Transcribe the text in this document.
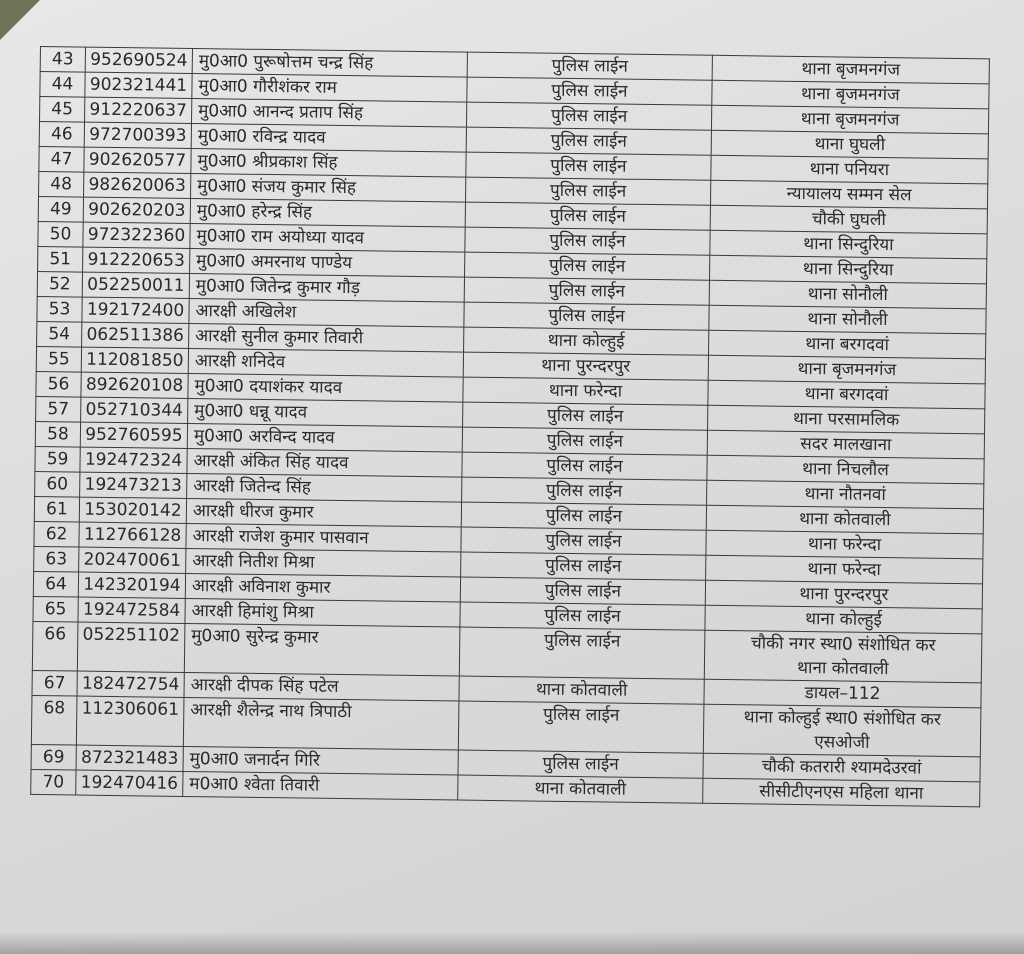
43	952690524	मु0आ0 पुरूषोत्तम चन्द्र सिंह	पुलिस लाईन	थाना बृजमनगंज

44	902321441	मु0आ0 गौरीशंकर राम	पुलिस लाईन	थाना बृजमनगंज

45	912220637	मु0आ0 आनन्द प्रताप सिंह	पुलिस लाईन	थाना बृजमनगंज

46	972700393	मु0आ0 रविन्द्र यादव	पुलिस लाईन	थाना घुघली

47	902620577	मु0आ0 श्रीप्रकाश सिंह	पुलिस लाईन	थाना पनियरा

48	982620063	मु0आ0 संजय कुमार सिंह	पुलिस लाईन	न्यायालय सम्मन सेल

49	902620203	मु0आ0 हरेन्द्र सिंह	पुलिस लाईन	चौकी घुघली

50	972322360	मु0आ0 राम अयोध्या यादव	पुलिस लाईन	थाना सिन्दुरिया

51	912220653	मु0आ0 अमरनाथ पाण्डेय	पुलिस लाईन	थाना सिन्दुरिया

52	052250011	मु0आ0 जितेन्द्र कुमार गौड़	पुलिस लाईन	थाना सोनौली

53	192172400	आरक्षी अखिलेश	पुलिस लाईन	थाना सोनौली

54	062511386	आरक्षी सुनील कुमार तिवारी	थाना कोल्हुई	थाना बरगदवां

55	112081850	आरक्षी शनिदेव	थाना पुरन्दरपुर	थाना बृजमनगंज

56	892620108	मु0आ0 दयाशंकर यादव	थाना फरेन्दा	थाना बरगदवां

57	052710344	मु0आ0 धन्नू यादव	पुलिस लाईन	थाना परसामलिक

58	952760595	मु0आ0 अरविन्द यादव	पुलिस लाईन	सदर मालखाना

59	192472324	आरक्षी अंकित सिंह यादव	पुलिस लाईन	थाना निचलौल

60	192473213	आरक्षी जितेन्द सिंह	पुलिस लाईन	थाना नौतनवां

61	153020142	आरक्षी धीरज कुमार	पुलिस लाईन	थाना कोतवाली

62	112766128	आरक्षी राजेश कुमार पासवान	पुलिस लाईन	थाना फरेन्दा

63	202470061	आरक्षी नितीश मिश्रा	पुलिस लाईन	थाना फरेन्दा

64	142320194	आरक्षी अविनाश कुमार	पुलिस लाईन	थाना पुरन्दरपुर

65	192472584	आरक्षी हिमांशु मिश्रा	पुलिस लाईन	थाना कोल्हुई

66	052251102	मु0आ0 सुरेन्द्र कुमार	पुलिस लाईन	चौकी नगर स्था0 संशोधित कर
थाना कोतवाली

67	182472754	आरक्षी दीपक सिंह पटेल	थाना कोतवाली	डायल–112

68	112306061	आरक्षी शैलेन्द्र नाथ त्रिपाठी	पुलिस लाईन	थाना कोल्हुई स्था0 संशोधित कर
एसओजी

69	872321483	मु0आ0 जनार्दन गिरि	पुलिस लाईन	चौकी कतरारी श्यामदेउरवां

70	192470416	म0आ0 श्वेता तिवारी	थाना कोतवाली	सीसीटीएनएस महिला थाना
